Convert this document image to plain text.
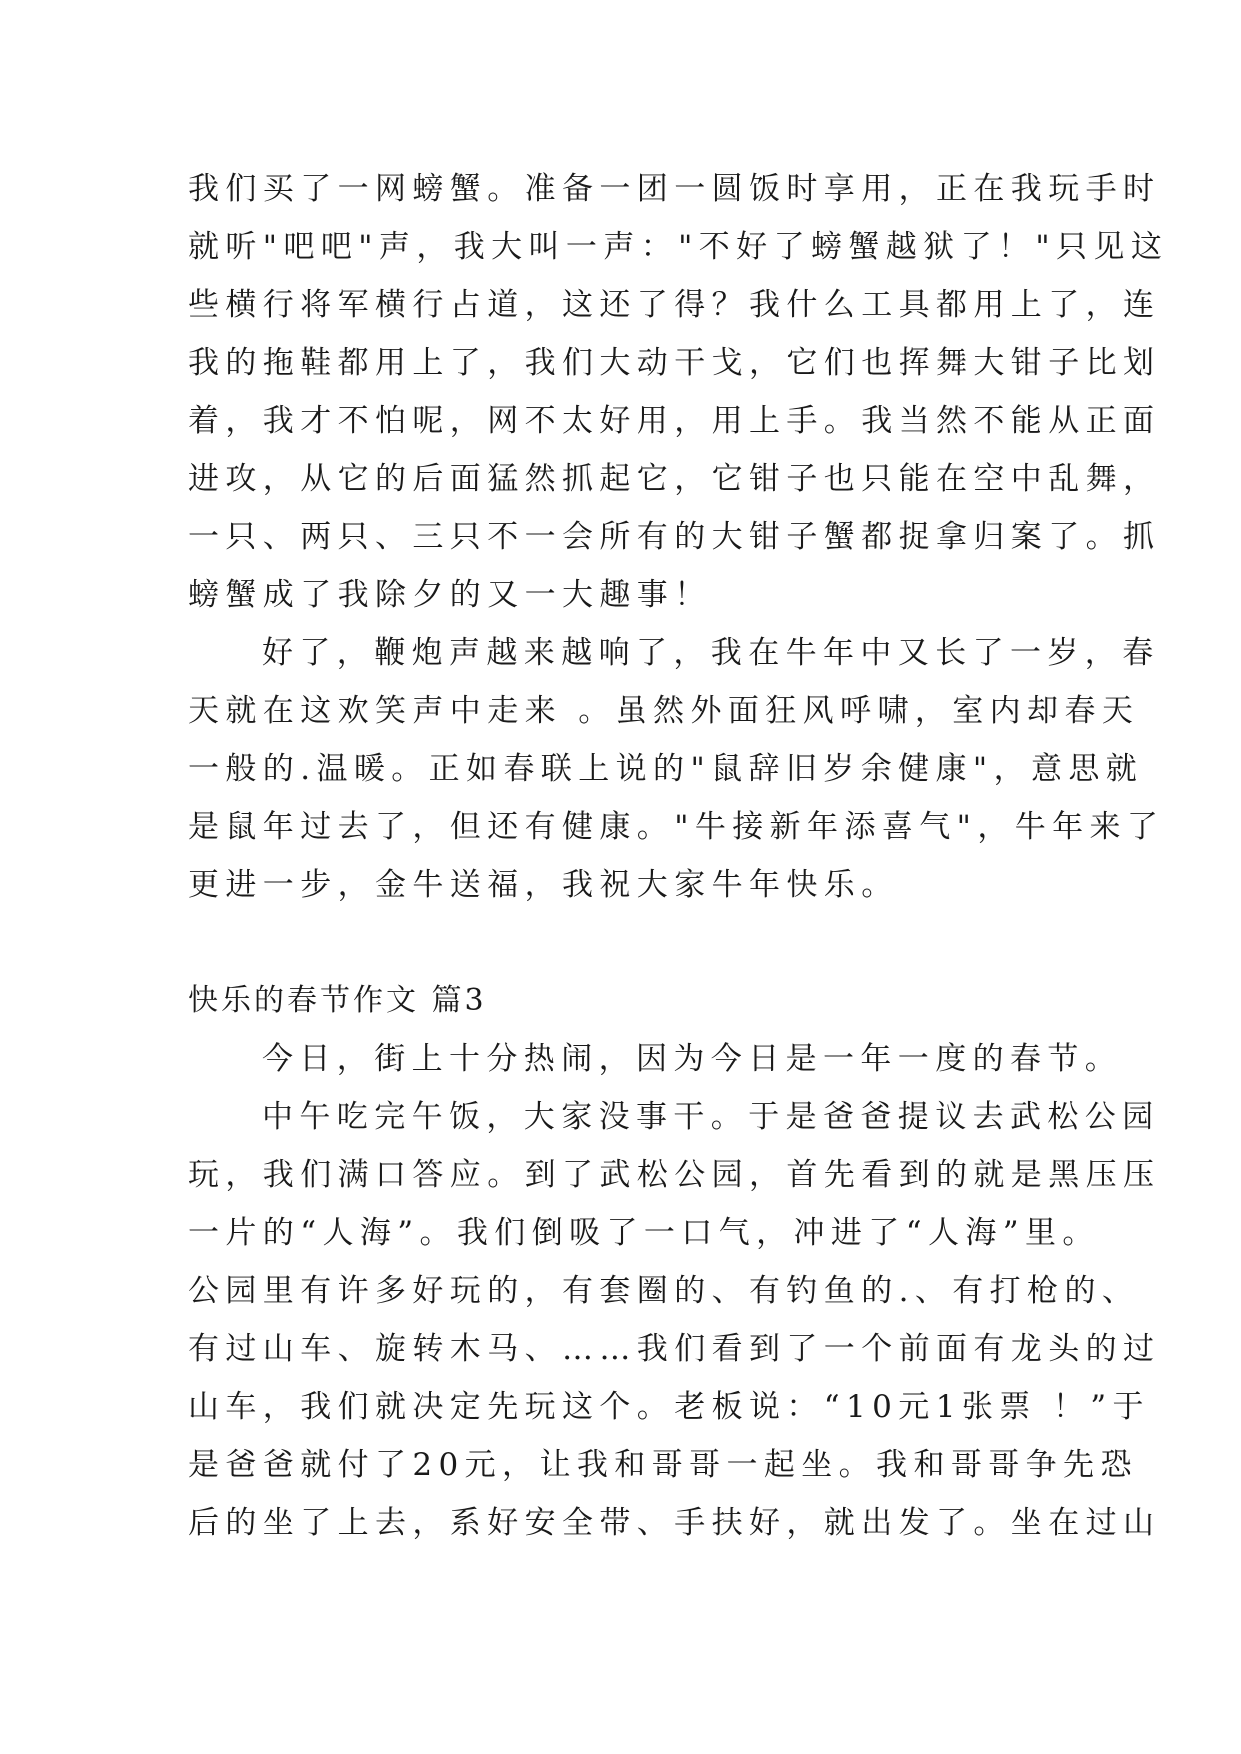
我们买了一网螃蟹。准备一团一圆饭时享用，正在我玩手时
就听"吧吧"声，我大叫一声："不好了螃蟹越狱了！"只见这
些横行将军横行占道，这还了得？我什么工具都用上了，连
我的拖鞋都用上了，我们大动干戈，它们也挥舞大钳子比划
着，我才不怕呢，网不太好用，用上手。我当然不能从正面
进攻，从它的后面猛然抓起它，它钳子也只能在空中乱舞，
一只、两只、三只不一会所有的大钳子蟹都捉拿归案了。抓
螃蟹成了我除夕的又一大趣事！
好了，鞭炮声越来越响了，我在牛年中又长了一岁，春
天就在这欢笑声中走来 。虽然外面狂风呼啸，室内却春天
一般的.温暖。正如春联上说的"鼠辞旧岁余健康"，意思就
是鼠年过去了，但还有健康。"牛接新年添喜气"，牛年来了
更进一步，金牛送福，我祝大家牛年快乐。
快乐的春节作文 篇3
今日，街上十分热闹，因为今日是一年一度的春节。
中午吃完午饭，大家没事干。于是爸爸提议去武松公园
玩，我们满口答应。到了武松公园，首先看到的就是黑压压
一片的“人海”。我们倒吸了一口气，冲进了“人海”里。
公园里有许多好玩的，有套圈的、有钓鱼的.、有打枪的、
有过山车、旋转木马、……我们看到了一个前面有龙头的过
山车，我们就决定先玩这个。老板说：“10元1张票 ！”于
是爸爸就付了20元，让我和哥哥一起坐。我和哥哥争先恐
后的坐了上去，系好安全带、手扶好，就出发了。坐在过山
